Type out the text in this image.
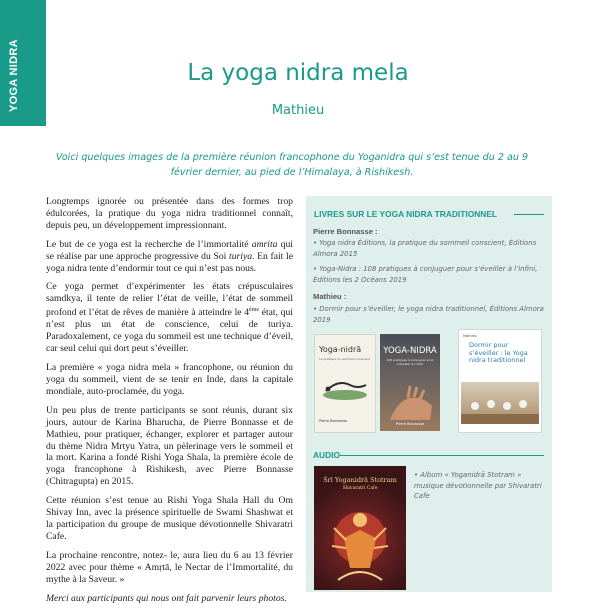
YOGA NIDRA	La yoga nidra mela
Mathieu
Voici quelques images de la première réunion francophone du Yoganidra qui s’est tenue du 2 au 9 février dernier, au pied de l’Himalaya, à Rishikesh.

Longtemps ignorée ou présentée dans des formes trop édulcorées, la pratique du yoga nidra traditionnel connaît, depuis peu, un développement impressionnant.

Le but de ce yoga est la recherche de l’immortalité amrita qui se réalise par une approche progressive du Soi turiya. En fait le yoga nidra tente d’endormir tout ce qui n’est pas nous.

Ce yoga permet d’expérimenter les états crépusculaires samdkya, il tente de relier l’état de veille, l’état de sommeil profond et l’état de rêves de manière à atteindre le 4ème état, qui n’est plus un état de conscience, celui de turiya. Paradoxalement, ce yoga du sommeil est une technique d’éveil, car seul celui qui dort peut s’éveiller.

La première « yoga nidra mela » francophone, ou réunion du yoga du sommeil, vient de se tenir en Inde, dans la capitale mondiale, auto-proclamée, du yoga.

Un peu plus de trente participants se sont réunis, durant six jours, autour de Karina Bharucha, de Pierre Bonnasse et de Mathieu, pour pratiquer, échanger, explorer et partager autour du thème Nidra Mrtyu Yatra, un pèlerinage vers le sommeil et la mort. Karina a fondé Rishi Yoga Shala, la première école de yoga francophone à Rishikesh, avec Pierre Bonnasse (Chitragupta) en 2015.

Cette réunion s’est tenue au Rishi Yoga Shala Hall du Om Shivay Inn, avec la présence spirituelle de Swami Shashwat et la participation du groupe de musique dévotionnelle Shivaratri Cafe.

La prochaine rencontre, notez- le, aura lieu du 6 au 13 février 2022 avec pour thème « Amṛtā, le Nectar de l’Immortalité, du mythe à la Saveur. »

Merci aux participants qui nous ont fait parvenir leurs photos.

LIVRES SUR LE YOGA NIDRA TRADITIONNEL
Pierre Bonnasse :
• Yoga nidra Éditions, la pratique du sommeil conscient, Éditions Almora 2015
• Yoga-Nidra : 108 pratiques à conjuguer pour s’éveiller à l’infini, Éditions les 2 Océans 2019
Mathieu :
• Dormir pour s’éveiller, le yoga nidra traditionnel, Éditions Almora 2019
Yoga-nidrā
La pratique du sommeil conscient
Pierre Bonnasse
YOGA-NIDRA
108 pratiques à conjuguer pour s’éveiller à l’infini
Pierre Bonnasse
Dormir pour s’éveiller : le Yoga nidra traditionnel
Mathieu
AUDIO
Śrī Yoganidrā Stotram
Shivaratri Cafe
• Album « Yoganidrā Stotram » musique dévotionnelle par Shivaratri Cafe
